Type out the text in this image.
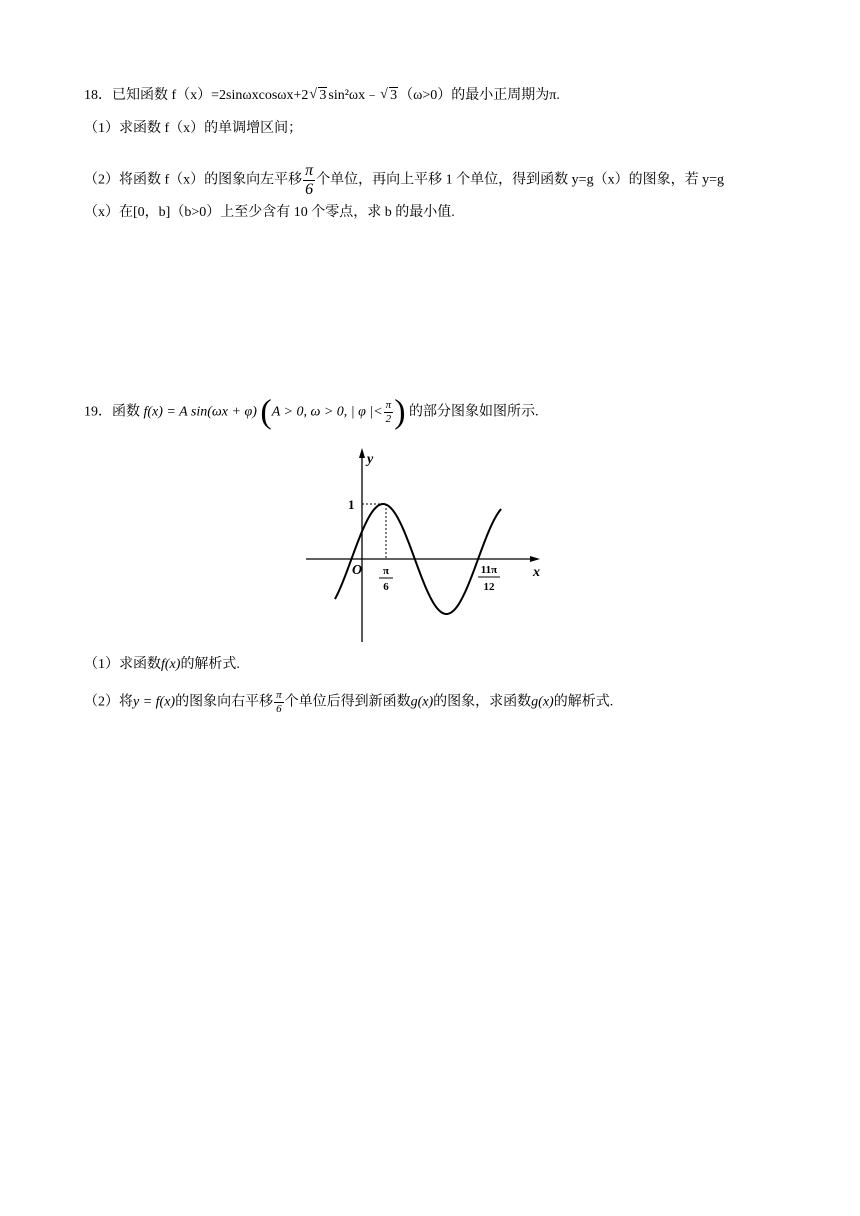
18．已知函数 f（x）=2sinωxcosωx+2 √ 3 sin²ωx﹣ √ 3 （ω>0）的最小正周期为π.
（1）求函数 f（x）的单调增区间；
（2）将函数 f（x）的图象向左平移 $\frac{\pi}{6}$ 个单位，再向上平移 1 个单位，得到函数 y=g（x）的图象，若 y=g
（x）在[0，b]（b>0）上至少含有 10 个零点，求 b 的最小值.
19．函数 f(x) = A sin(ωx + φ) (A > 0, ω > 0, | φ |< $\frac{\pi}{2}$ ) 的部分图象如图所示.
y
x
O
1
π
6
11π
12
（1）求函数f(x)的解析式.
（2）将y = f(x)的图象向右平移 $\frac{\pi}{6}$ 个单位后得到新函数g(x)的图象，求函数g(x)的解析式.
